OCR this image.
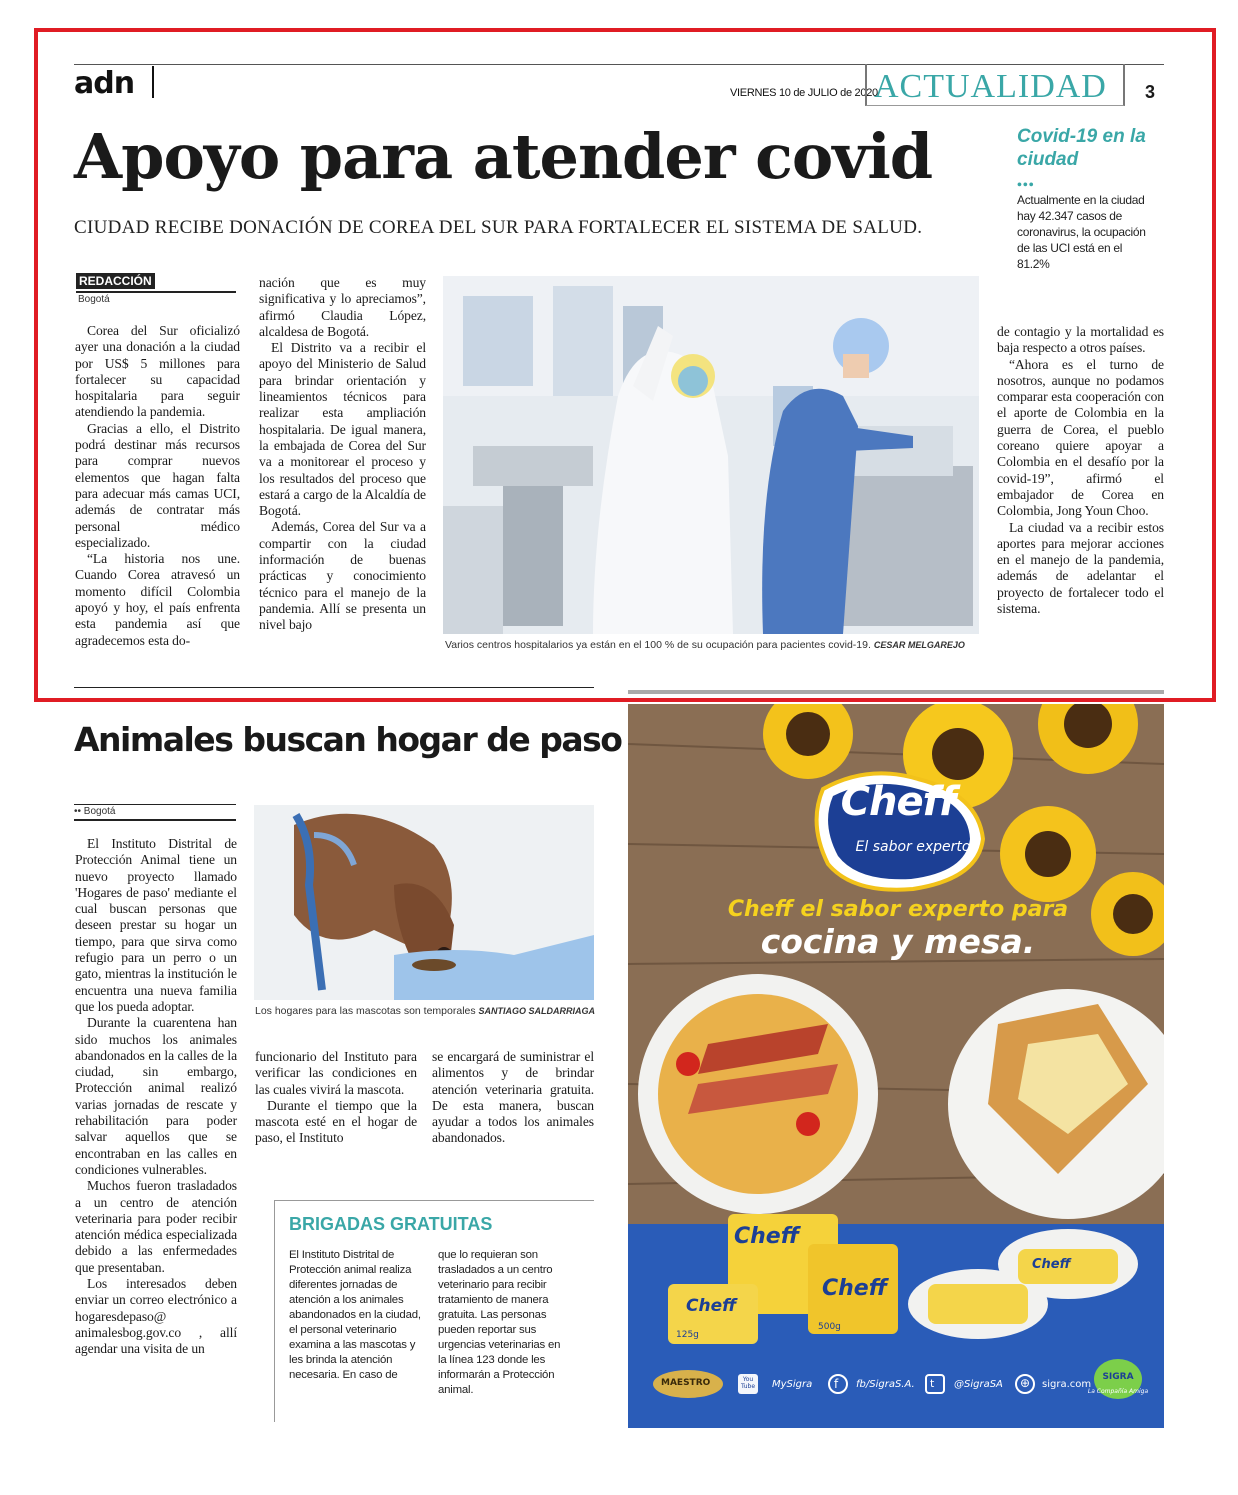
adn	VIERNES 10 de JULIO de 2020
ACTUALIDAD 3
Apoyo para atender covid
CIUDAD RECIBE DONACIÓN DE COREA DEL SUR PARA FORTALECER EL SISTEMA DE SALUD.
Covid-19 en la ciudad
•••
Actualmente en la ciudad hay 42.347 casos de coronavirus, la ocupación de las UCI está en el 81.2%
REDACCIÓN
Bogotá

Corea del Sur oficializó ayer una donación a la ciudad por US$ 5 millones para fortalecer su capacidad hospitalaria para seguir atendiendo la pandemia.

Gracias a ello, el Distrito podrá destinar más recursos para comprar nuevos elementos que hagan falta para adecuar más camas UCI, además de contratar más personal médico especializado.

“La historia nos une. Cuando Corea atravesó un momento difícil Colombia apoyó y hoy, el país enfrenta esta pandemia así que agradecemos esta do-

nación que es muy significativa y lo apreciamos”, afirmó Claudia López, alcaldesa de Bogotá.

El Distrito va a recibir el apoyo del Ministerio de Salud para brindar orientación y lineamientos técnicos para realizar esta ampliación hospitalaria. De igual manera, la embajada de Corea del Sur va a monitorear el proceso y los resultados del proceso que estará a cargo de la Alcaldía de Bogotá.

Además, Corea del Sur va a compartir con la ciudad información de buenas prácticas y conocimiento técnico para el manejo de la pandemia. Allí se presenta un nivel bajo

de contagio y la mortalidad es baja respecto a otros países.

“Ahora es el turno de nosotros, aunque no podamos comparar esta cooperación con el aporte de Colombia en la guerra de Corea, el pueblo coreano quiere apoyar a Colombia en el desafío por la covid-19”, afirmó el embajador de Corea en Colombia, Jong Youn Choo.

La ciudad va a recibir estos aportes para mejorar acciones en el manejo de la pandemia, además de adelantar el proyecto de fortalecer todo el sistema.

Varios centros hospitalarios ya están en el 100 % de su ocupación para pacientes covid-19. CESAR MELGAREJO
Animales buscan hogar de paso
•• Bogotá

El Instituto Distrital de Protección Animal tiene un nuevo proyecto llamado 'Hogares de paso' mediante el cual buscan personas que deseen prestar su hogar un tiempo, para que sirva como refugio para un perro o un gato, mientras la institución le encuentra una nueva familia que los pueda adoptar.

Durante la cuarentena han sido muchos los animales abandonados en la calles de la ciudad, sin embargo, Protección animal realizó varias jornadas de rescate y rehabilitación para poder salvar aquellos que se encontraban en las calles en condiciones vulnerables.

Muchos fueron trasladados a un centro de atención veterinaria para poder recibir atención médica especializada debido a las enfermedades que presentaban.

Los interesados deben enviar un correo electrónico a hogaresdepaso@ animalesbog.gov.co , allí agendar una visita de un

funcionario del Instituto para verificar las condiciones en las cuales vivirá la mascota.

Durante el tiempo que la mascota esté en el hogar de paso, el Instituto

se encargará de suministrar el alimentos y de brindar atención veterinaria gratuita. De esta manera, buscan ayudar a todos los animales abandonados.

Los hogares para las mascotas son temporales SANTIAGO SALDARRIAGA
BRIGADAS GRATUITAS
El Instituto Distrital de Protección animal realiza diferentes jornadas de atención a los animales abandonados en la ciudad, el personal veterinario examina a las mascotas y les brinda la atención necesaria. En caso de
que lo requieran son trasladados a un centro veterinario para recibir tratamiento de manera gratuita. Las personas pueden reportar sus urgencias veterinarias en la línea 123 donde les informarán a Protección animal.
Cheff
El sabor experto
Cheff el sabor experto para
cocina y mesa.
Cheff
Cheff
Cheff
Cheff
125g
500g
MAESTRO	You Tube MySigra f fb/SigraS.A. t @SigraSA ⊕ sigra.com
SIGRA
La Compañía Amiga
